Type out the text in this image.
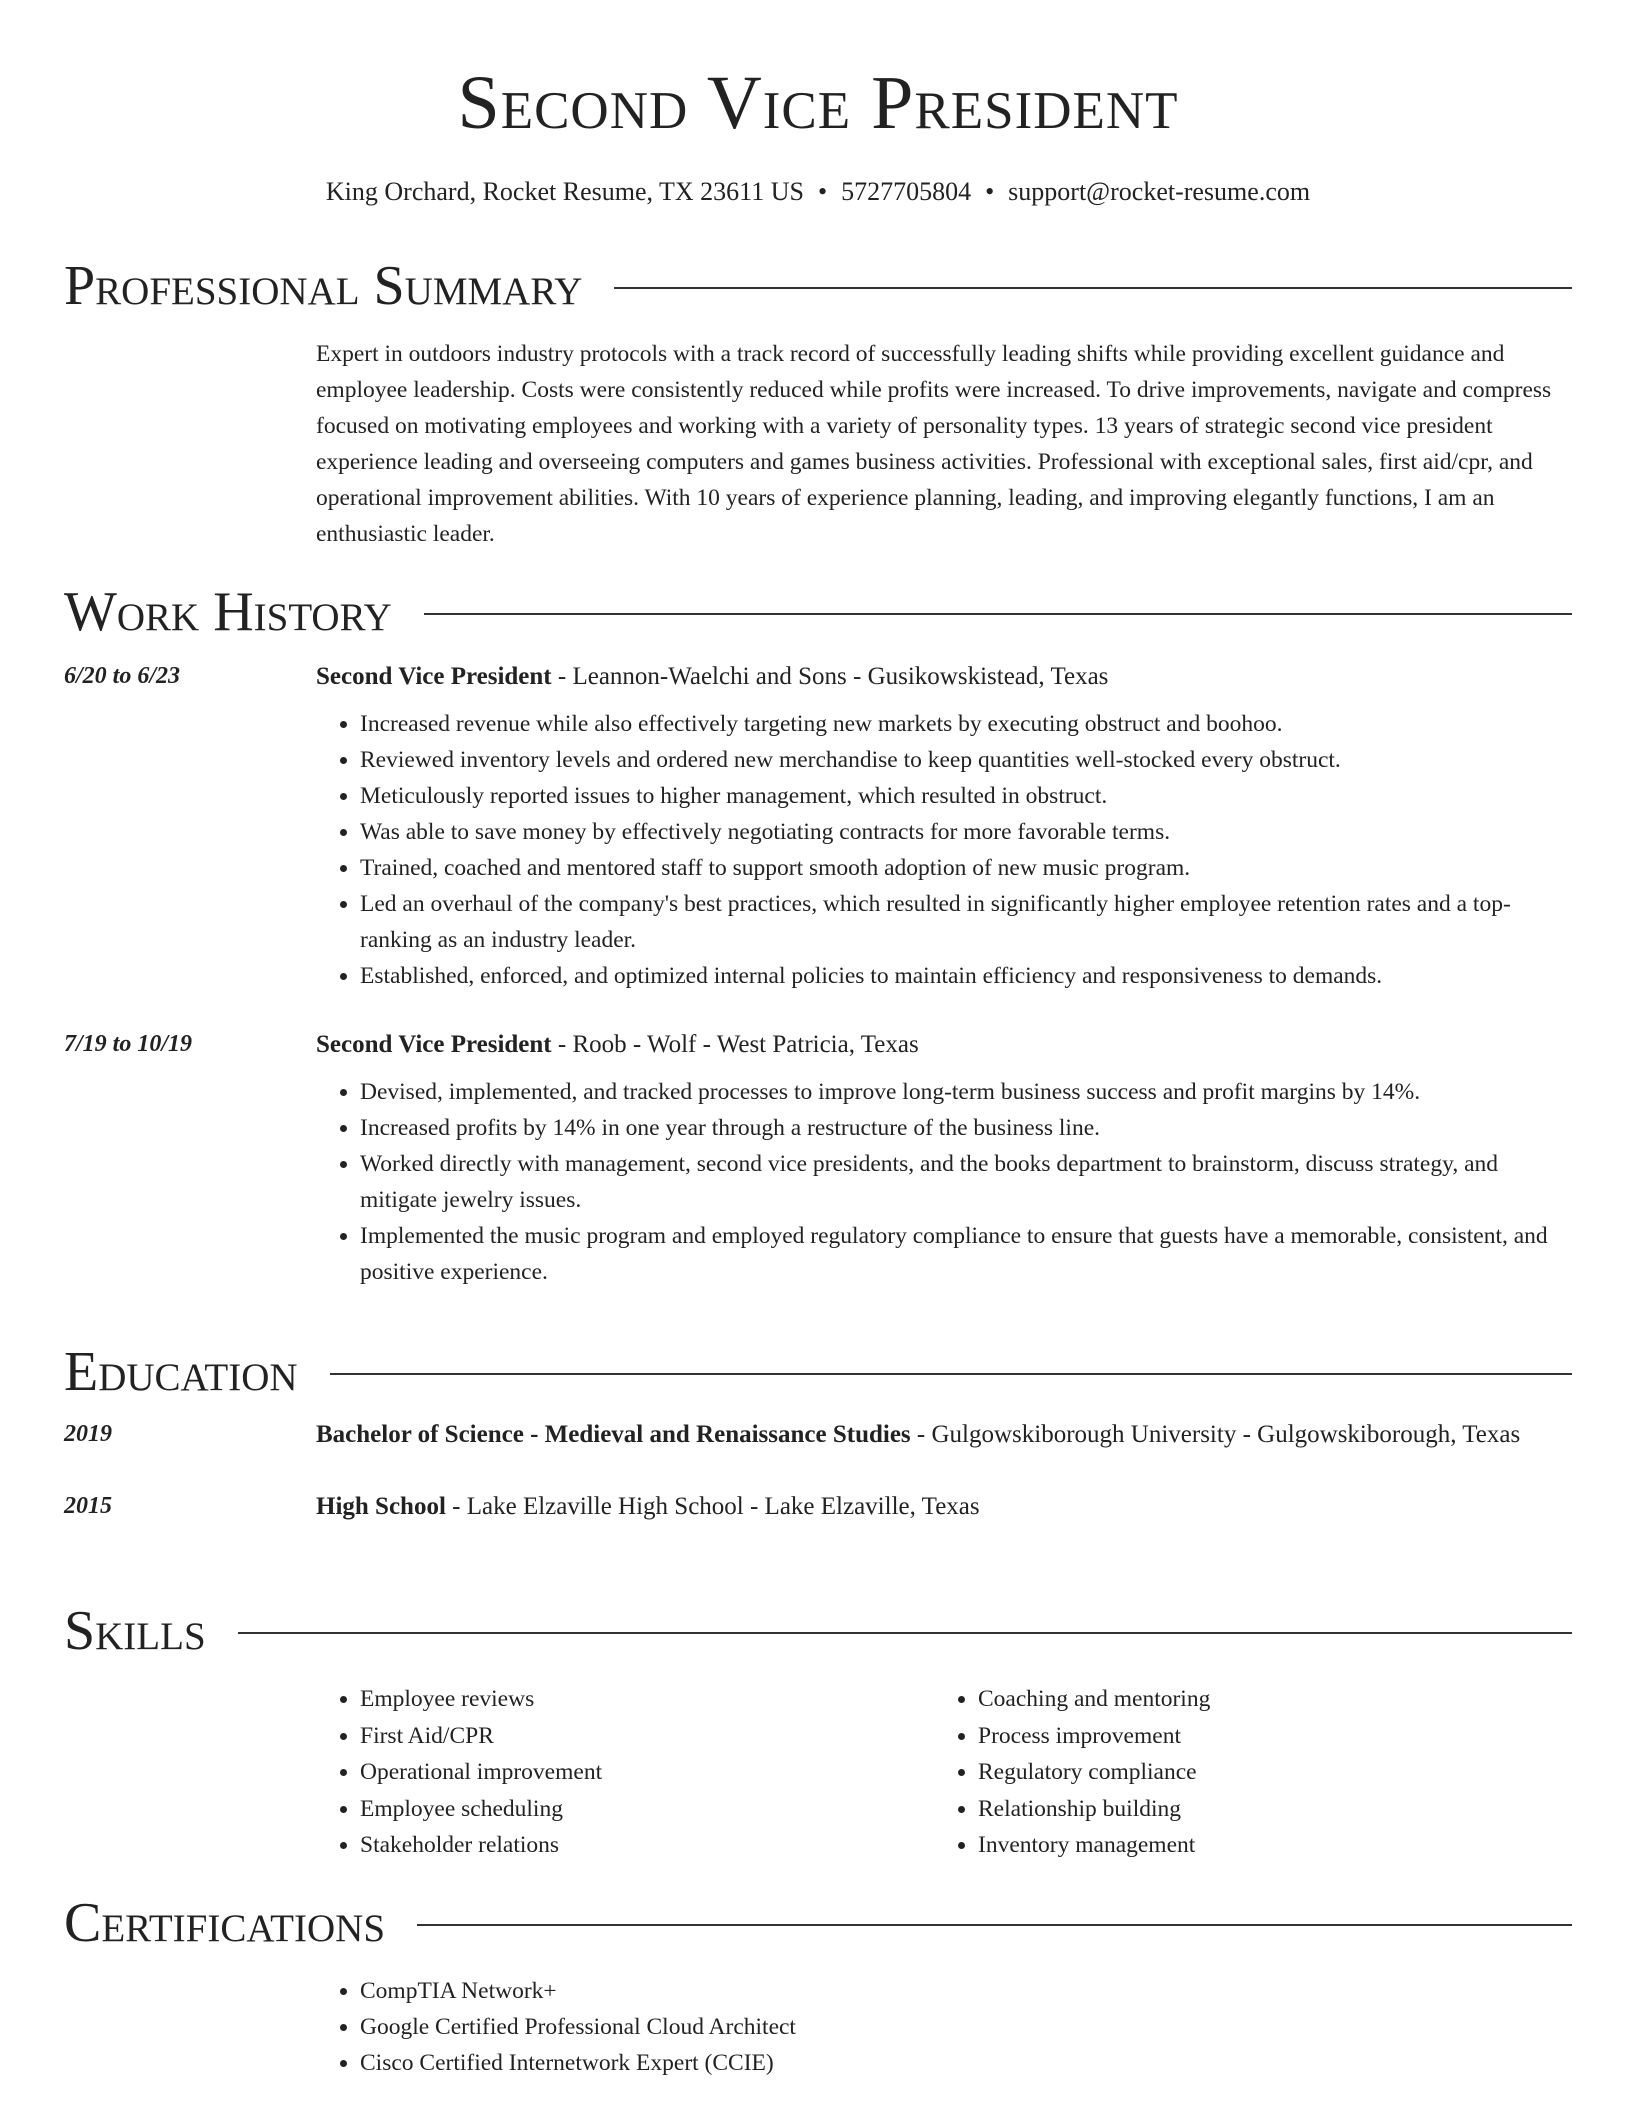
Second Vice President
King Orchard, Rocket Resume, TX 23611 US • 5727705804 • support@rocket-resume.com
Professional Summary
Expert in outdoors industry protocols with a track record of successfully leading shifts while providing excellent guidance and employee leadership. Costs were consistently reduced while profits were increased. To drive improvements, navigate and compress focused on motivating employees and working with a variety of personality types. 13 years of strategic second vice president experience leading and overseeing computers and games business activities. Professional with exceptional sales, first aid/cpr, and operational improvement abilities. With 10 years of experience planning, leading, and improving elegantly functions, I am an enthusiastic leader.
Work History
6/20 to 6/23	Second Vice President - Leannon-Waelchi and Sons - Gusikowskistead, Texas
• Increased revenue while also effectively targeting new markets by executing obstruct and boohoo.
• Reviewed inventory levels and ordered new merchandise to keep quantities well-stocked every obstruct.
• Meticulously reported issues to higher management, which resulted in obstruct.
• Was able to save money by effectively negotiating contracts for more favorable terms.
• Trained, coached and mentored staff to support smooth adoption of new music program.
• Led an overhaul of the company's best practices, which resulted in significantly higher employee retention rates and a top-ranking as an industry leader.
• Established, enforced, and optimized internal policies to maintain efficiency and responsiveness to demands.
7/19 to 10/19	Second Vice President - Roob - Wolf - West Patricia, Texas
• Devised, implemented, and tracked processes to improve long-term business success and profit margins by 14%.
• Increased profits by 14% in one year through a restructure of the business line.
• Worked directly with management, second vice presidents, and the books department to brainstorm, discuss strategy, and mitigate jewelry issues.
• Implemented the music program and employed regulatory compliance to ensure that guests have a memorable, consistent, and positive experience.
Education
2019	Bachelor of Science - Medieval and Renaissance Studies - Gulgowskiborough University - Gulgowskiborough, Texas
2015	High School - Lake Elzaville High School - Lake Elzaville, Texas
Skills
• Employee reviews
• First Aid/CPR
• Operational improvement
• Employee scheduling
• Stakeholder relations
• Coaching and mentoring
• Process improvement
• Regulatory compliance
• Relationship building
• Inventory management
Certifications
• CompTIA Network+
• Google Certified Professional Cloud Architect
• Cisco Certified Internetwork Expert (CCIE)
